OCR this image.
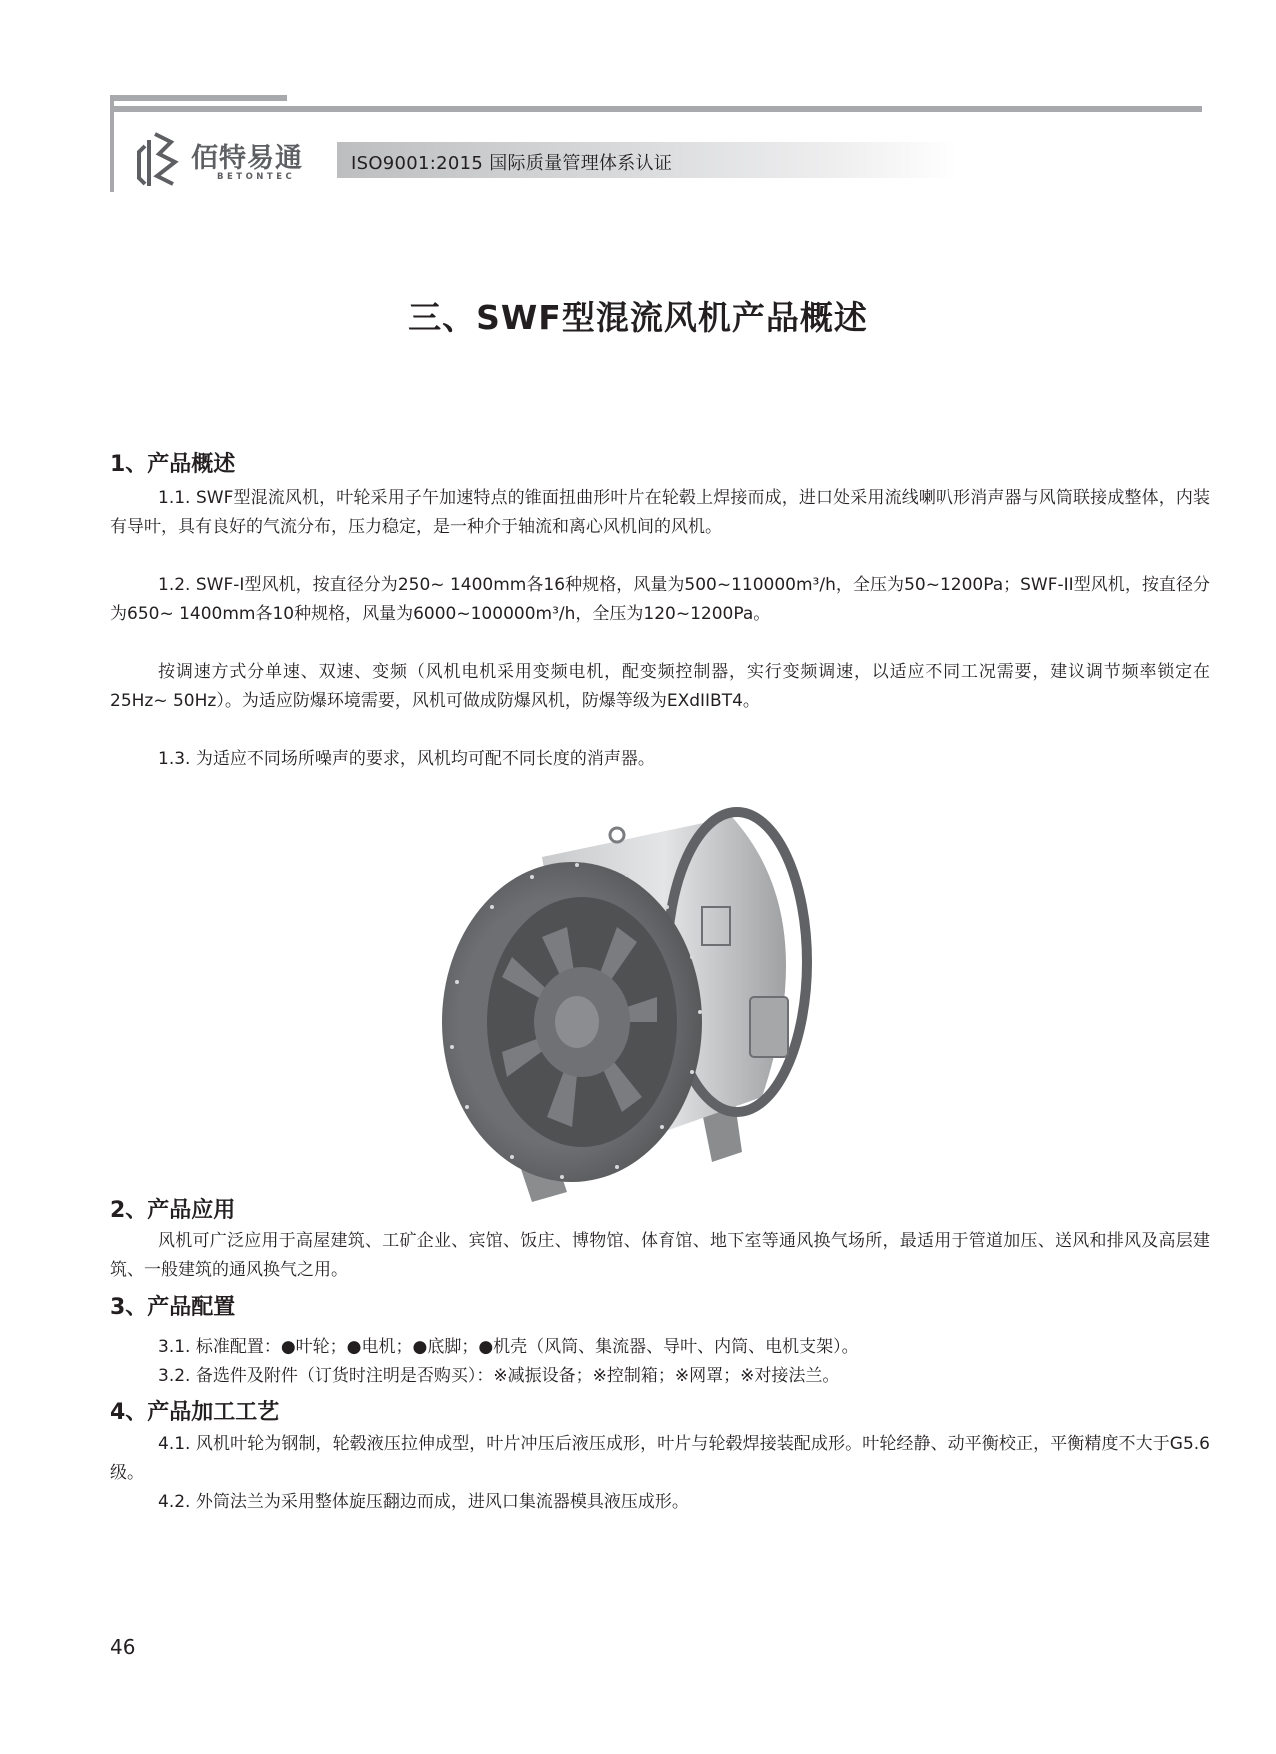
佰特易通
BETONTEC
ISO9001:2015 国际质量管理体系认证
三、SWF型混流风机产品概述
1、产品概述
1.1. SWF型混流风机，叶轮采用子午加速特点的锥面扭曲形叶片在轮毂上焊接而成，进口处采用流线喇叭形消声器与风筒联接成整体，内装有导叶，具有良好的气流分布，压力稳定，是一种介于轴流和离心风机间的风机。
1.2. SWF-I型风机，按直径分为250~ 1400mm各16种规格，风量为500~110000m³/h，全压为50~1200Pa；SWF-II型风机，按直径分为650~ 1400mm各10种规格，风量为6000~100000m³/h，全压为120~1200Pa。
按调速方式分单速、双速、变频（风机电机采用变频电机，配变频控制器，实行变频调速，以适应不同工况需要，建议调节频率锁定在25Hz~ 50Hz）。为适应防爆环境需要，风机可做成防爆风机，防爆等级为EXdIIBT4。
1.3. 为适应不同场所噪声的要求，风机均可配不同长度的消声器。
2、产品应用
风机可广泛应用于高屋建筑、工矿企业、宾馆、饭庄、博物馆、体育馆、地下室等通风换气场所，最适用于管道加压、送风和排风及高层建筑、一般建筑的通风换气之用。
3、产品配置
3.1. 标准配置：●叶轮；●电机；●底脚；●机壳（风筒、集流器、导叶、内筒、电机支架）。
3.2. 备选件及附件（订货时注明是否购买）：※减振设备；※控制箱；※网罩；※对接法兰。
4、产品加工工艺
4.1. 风机叶轮为钢制，轮毂液压拉伸成型，叶片冲压后液压成形，叶片与轮毂焊接装配成形。叶轮经静、动平衡校正，平衡精度不大于G5.6级。
4.2. 外筒法兰为采用整体旋压翻边而成，进风口集流器模具液压成形。
46
